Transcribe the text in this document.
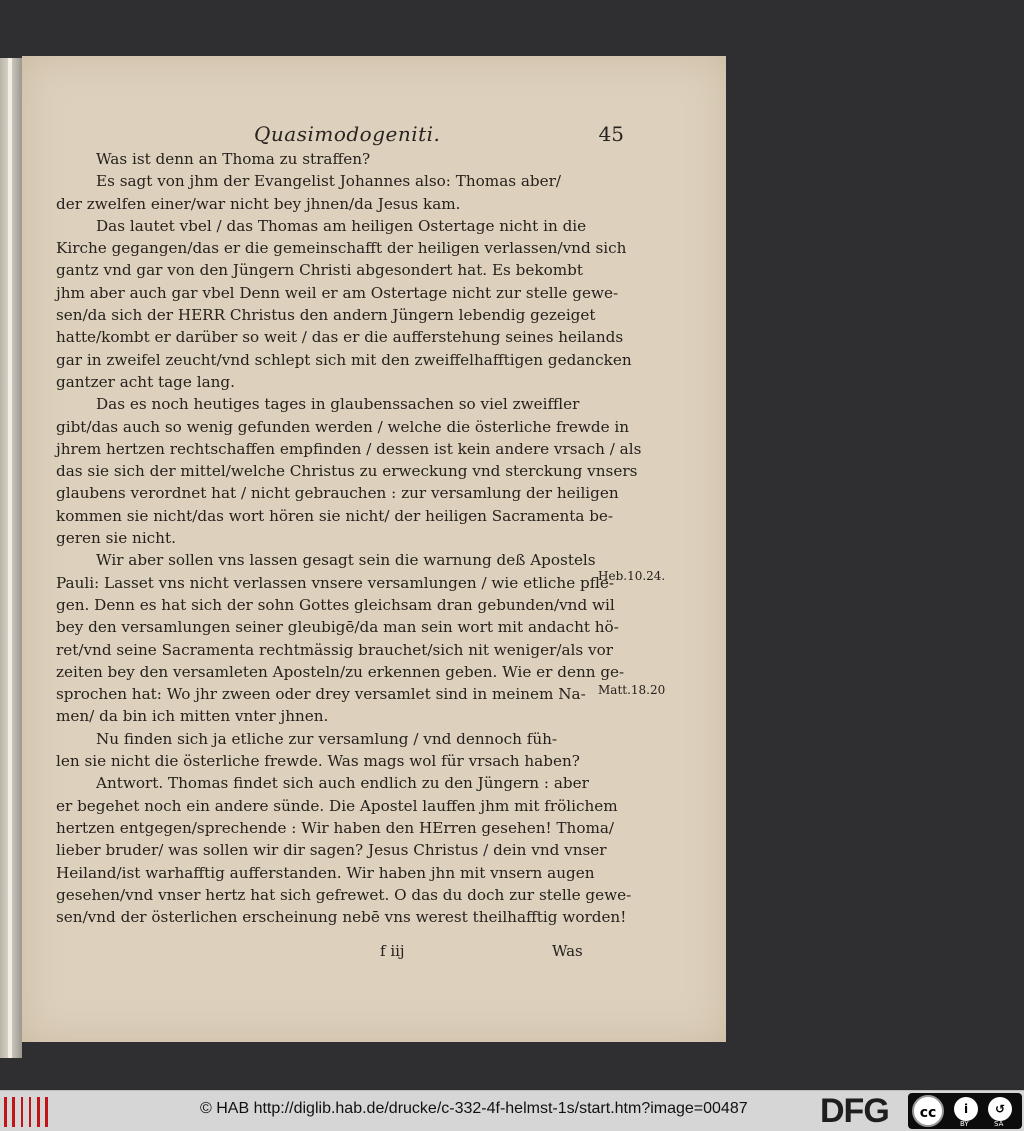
Quasimodogeniti.	45
Was ist denn an Thoma zu straffen?
Es sagt von jhm der Evangelist Johannes also: Thomas aber/
der zwelfen einer/war nicht bey jhnen/da Jesus kam.
Das lautet vbel / das Thomas am heiligen Ostertage nicht in die
Kirche gegangen/das er die gemeinschafft der heiligen verlassen/vnd sich
gantz vnd gar von den Jüngern Christi abgesondert hat. Es bekombt
jhm aber auch gar vbel Denn weil er am Ostertage nicht zur stelle gewe-
sen/da sich der HERR Christus den andern Jüngern lebendig gezeiget
hatte/kombt er darüber so weit / das er die aufferstehung seines heilands
gar in zweifel zeucht/vnd schlept sich mit den zweiffelhafftigen gedancken
gantzer acht tage lang.
Das es noch heutiges tages in glaubenssachen so viel zweiffler
gibt/das auch so wenig gefunden werden / welche die österliche frewde in
jhrem hertzen rechtschaffen empfinden / dessen ist kein andere vrsach / als
das sie sich der mittel/welche Christus zu erweckung vnd sterckung vnsers
glaubens verordnet hat / nicht gebrauchen : zur versamlung der heiligen
kommen sie nicht/das wort hören sie nicht/ der heiligen Sacramenta be-
geren sie nicht.
Wir aber sollen vns lassen gesagt sein die warnung deß Apostels
Pauli: Lasset vns nicht verlassen vnsere versamlungen / wie etliche pfle-
gen. Denn es hat sich der sohn Gottes gleichsam dran gebunden/vnd wil
bey den versamlungen seiner gleubigē/da man sein wort mit andacht hö-
ret/vnd seine Sacramenta rechtmässig brauchet/sich nit weniger/als vor
zeiten bey den versamleten Aposteln/zu erkennen geben. Wie er denn ge-
sprochen hat: Wo jhr zween oder drey versamlet sind in meinem Na-
men/ da bin ich mitten vnter jhnen.
Nu finden sich ja etliche zur versamlung / vnd dennoch füh-
len sie nicht die österliche frewde. Was mags wol für vrsach haben?
Antwort. Thomas findet sich auch endlich zu den Jüngern : aber
er begehet noch ein andere sünde. Die Apostel lauffen jhm mit frölichem
hertzen entgegen/sprechende : Wir haben den HErren gesehen! Thoma/
lieber bruder/ was sollen wir dir sagen? Jesus Christus / dein vnd vnser
Heiland/ist warhafftig aufferstanden. Wir haben jhn mit vnsern augen
gesehen/vnd vnser hertz hat sich gefrewet. O das du doch zur stelle gewe-
sen/vnd der österlichen erscheinung nebē vns werest theilhafftig worden!
Heb.10.24.
Matt.18.20
f iij	Was
© HAB http://diglib.hab.de/drucke/c-332-4f-helmst-1s/start.htm?image=00487 DFG	cc	i	↺
BY	SA
